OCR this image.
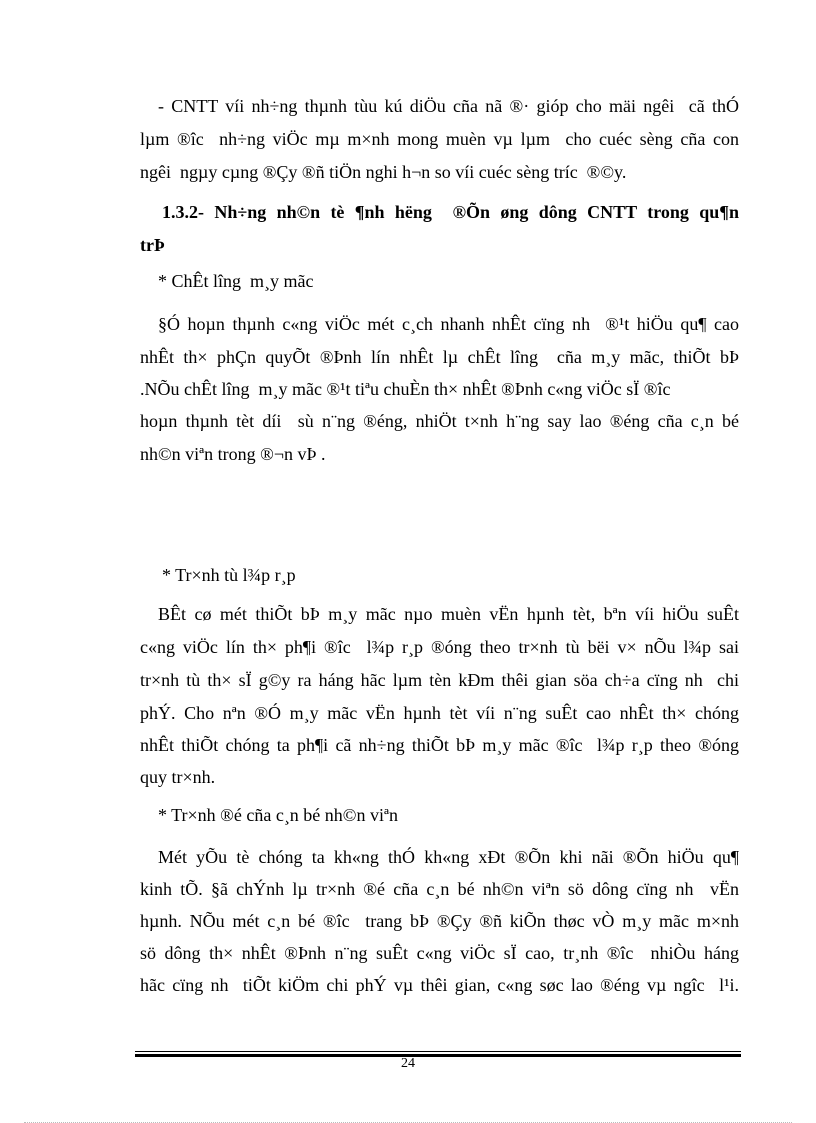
- CNTT víi nh÷ng thµnh tùu kú diÖu cña nã ®· gióp cho mäi ngêi  cã thÓ
lµm ®îc  nh÷ng viÖc mµ m×nh mong muèn vµ lµm  cho cuéc sèng cña con
ngêi  ngµy cµng ®Çy ®ñ tiÖn nghi h¬n so víi cuéc sèng tríc  ®©y.
1.3.2- Nh÷ng nh©n tè ¶nh hëng  ®Õn øng dông CNTT trong qu¶n
trÞ
* ChÊt lîng  m¸y mãc
§Ó hoµn thµnh c«ng viÖc mét c¸ch nhanh nhÊt cïng nh  ®¹t hiÖu qu¶ cao
nhÊt th× phÇn quyÕt ®Þnh lín nhÊt lµ chÊt lîng  cña m¸y mãc, thiÕt bÞ
.NÕu chÊt lîng  m¸y mãc ®¹t tiªu chuÈn th× nhÊt ®Þnh c«ng viÖc sÏ ®îc
hoµn thµnh tèt díi  sù n¨ng ®éng, nhiÖt t×nh h¨ng say lao ®éng cña c¸n bé
nh©n viªn trong ®¬n vÞ .
* Tr×nh tù l¾p r¸p
BÊt cø mét thiÕt bÞ m¸y mãc nµo muèn vËn hµnh tèt, bªn víi hiÖu suÊt
c«ng viÖc lín th× ph¶i ®îc  l¾p r¸p ®óng theo tr×nh tù bëi v× nÕu l¾p sai
tr×nh tù th× sÏ g©y ra háng hãc lµm tèn kÐm thêi gian söa ch÷a cïng nh  chi
phÝ. Cho nªn ®Ó m¸y mãc vËn hµnh tèt víi n¨ng suÊt cao nhÊt th× chóng
nhÊt thiÕt chóng ta ph¶i cã nh÷ng thiÕt bÞ m¸y mãc ®îc  l¾p r¸p theo ®óng
quy tr×nh.
* Tr×nh ®é cña c¸n bé nh©n viªn
Mét yÕu tè chóng ta kh«ng thÓ kh«ng xÐt ®Õn khi nãi ®Õn hiÖu qu¶
kinh tÕ. §ã chÝnh lµ tr×nh ®é cña c¸n bé nh©n viªn sö dông cïng nh  vËn
hµnh. NÕu mét c¸n bé ®îc  trang bÞ ®Çy ®ñ kiÕn thøc vÒ m¸y mãc m×nh
sö dông th× nhÊt ®Þnh n¨ng suÊt c«ng viÖc sÏ cao, tr¸nh ®îc  nhiÒu háng
hãc cïng nh  tiÕt kiÖm chi phÝ vµ thêi gian, c«ng søc lao ®éng vµ ngîc  l¹i.
24
